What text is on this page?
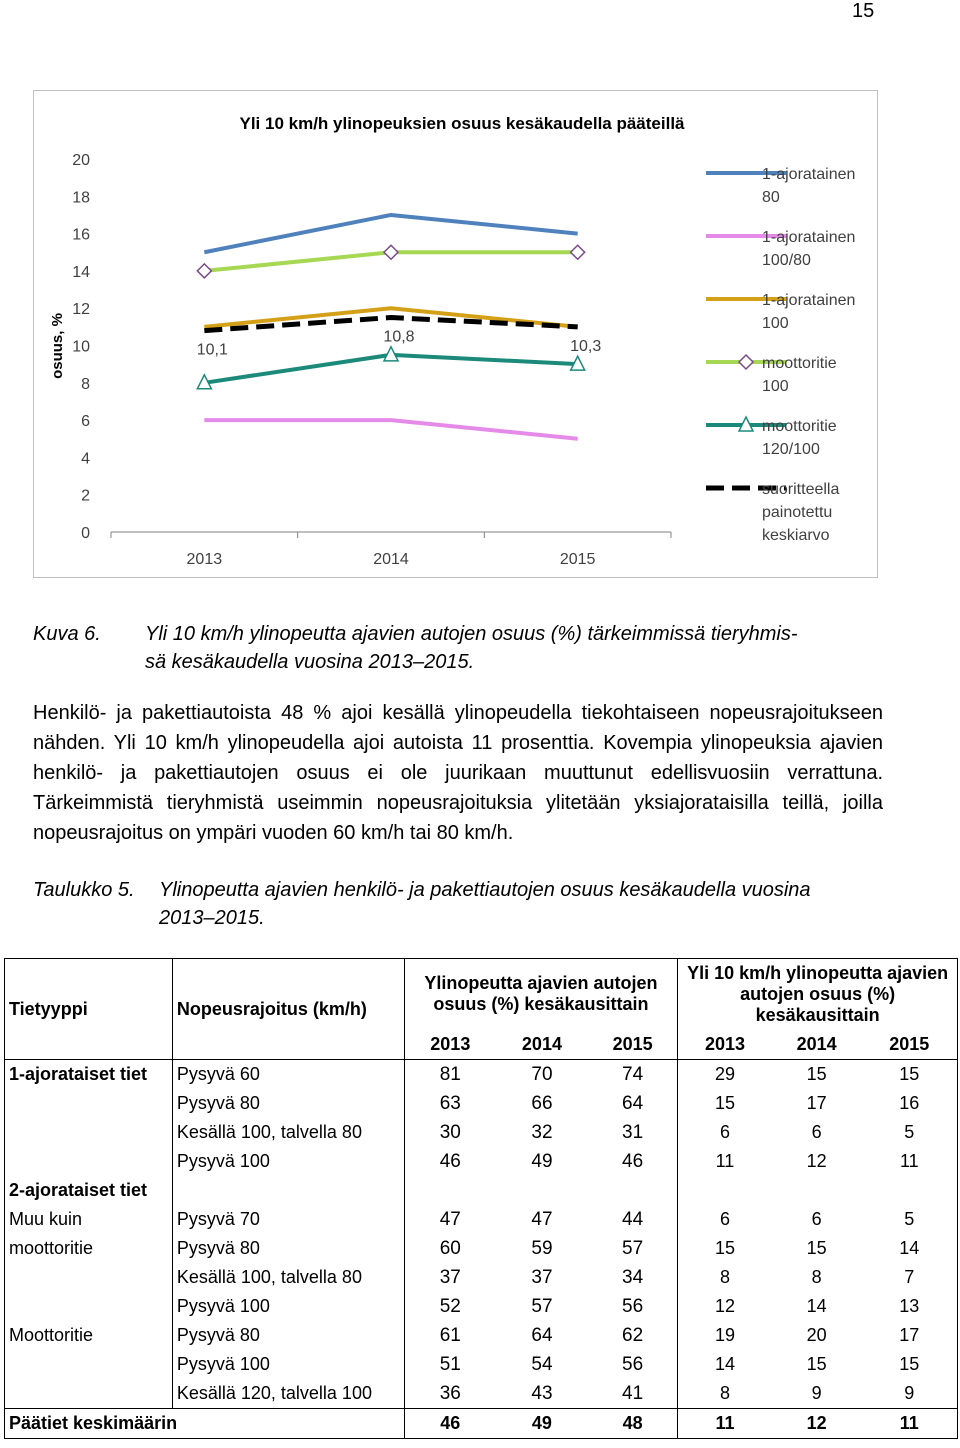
15
Yli 10 km/h ylinopeuksien osuus kesäkaudella pääteillä
osuus, %
0
2
4
6
8
10
12
14
16
18
20
2013	2014	2015
10,1
10,8
10,3
1-ajoratainen
80
1-ajoratainen
100/80
1-ajoratainen
100
moottoritie
100
moottoritie
120/100
suoritteella
painotettu
keskiarvo
Kuva 6. Yli 10 km/h ylinopeutta ajavien autojen osuus (%) tärkeimmissä tieryhmis-
sä kesäkaudella vuosina 2013–2015.
Henkilö- ja pakettiautoista 48 % ajoi kesällä ylinopeudella tiekohtaiseen nopeusrajoitukseen nähden. Yli 10 km/h ylinopeudella ajoi autoista 11 prosenttia. Kovempia ylinopeuksia ajavien henkilö- ja pakettiautojen osuus ei ole juurikaan muuttunut edellisvuosiin verrattuna. Tärkeimmistä tieryhmistä useimmin nopeusrajoituksia ylitetään yksiajorataisilla teillä, joilla nopeusrajoitus on ympäri vuoden 60 km/h tai 80 km/h.
Taulukko 5. Ylinopeutta ajavien henkilö- ja pakettiautojen osuus kesäkaudella vuosina
2013–2015.
Tietyyppi	Nopeusrajoitus (km/h)	Ylinopeutta ajavien autojen osuus (%) kesäkausittain			Yli 10 km/h ylinopeutta ajavien autojen osuus (%) kesäkausittain		
		2013	2014	2015	2013	2014	2015
1-ajorataiset tiet	Pysyvä 60	81	70	74	29	15	15
	Pysyvä 80	63	66	64	15	17	16
	Kesällä 100, talvella 80	30	32	31	6	6	5
	Pysyvä 100	46	49	46	11	12	11
2-ajorataiset tiet							
Muu kuin	Pysyvä 70	47	47	44	6	6	5
moottoritie	Pysyvä 80	60	59	57	15	15	14
	Kesällä 100, talvella 80	37	37	34	8	8	7
	Pysyvä 100	52	57	56	12	14	13
Moottoritie	Pysyvä 80	61	64	62	19	20	17
	Pysyvä 100	51	54	56	14	15	15
	Kesällä 120, talvella 100	36	43	41	8	9	9
Päätiet keskimäärin		46	49	48	11	12	11
